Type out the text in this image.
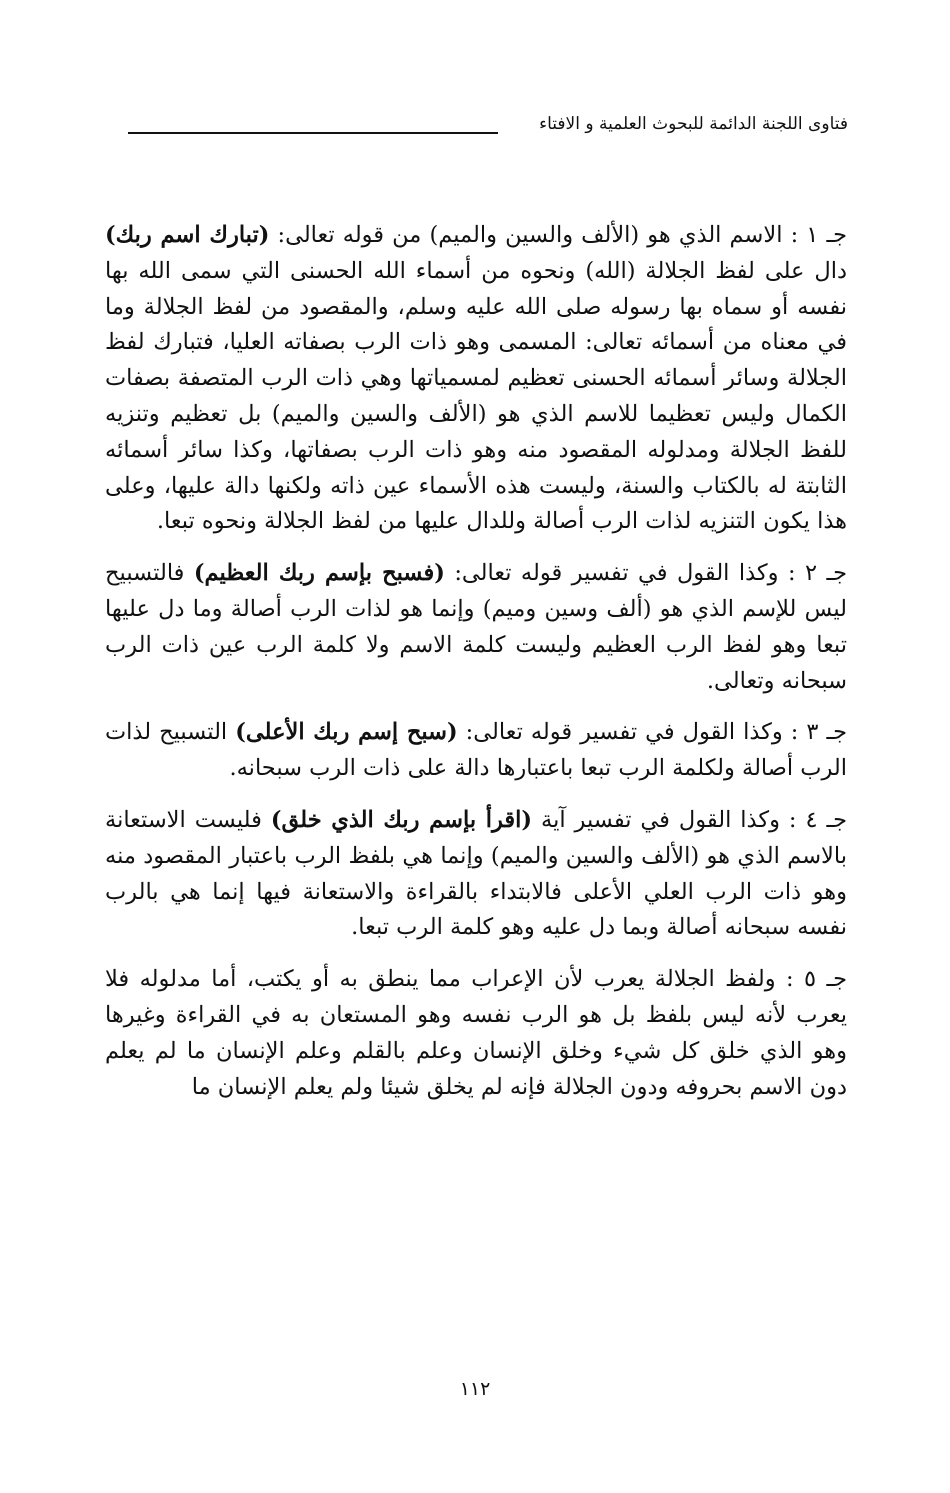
فتاوى اللجنة الدائمة للبحوث العلمية و الافتاء

جـ ١ : الاسم الذي هو (الألف والسين والميم) من قوله تعالى: (تبارك اسم ربك) دال على لفظ الجلالة (الله) ونحوه من أسماء الله الحسنى التي سمى الله بها نفسه أو سماه بها رسوله صلى الله عليه وسلم، والمقصود من لفظ الجلالة وما في معناه من أسمائه تعالى: المسمى وهو ذات الرب بصفاته العليا، فتبارك لفظ الجلالة وسائر أسمائه الحسنى تعظيم لمسمياتها وهي ذات الرب المتصفة بصفات الكمال وليس تعظيما للاسم الذي هو (الألف والسين والميم) بل تعظيم وتنزيه للفظ الجلالة ومدلوله المقصود منه وهو ذات الرب بصفاتها، وكذا سائر أسمائه الثابتة له بالكتاب والسنة، وليست هذه الأسماء عين ذاته ولكنها دالة عليها، وعلى هذا يكون التنزيه لذات الرب أصالة وللدال عليها من لفظ الجلالة ونحوه تبعا.

جـ ٢ : وكذا القول في تفسير قوله تعالى: (فسبح بإسم ربك العظيم) فالتسبيح ليس للإسم الذي هو (ألف وسين وميم) وإنما هو لذات الرب أصالة وما دل عليها تبعا وهو لفظ الرب العظيم وليست كلمة الاسم ولا كلمة الرب عين ذات الرب سبحانه وتعالى.

جـ ٣ : وكذا القول في تفسير قوله تعالى: (سبح إسم ربك الأعلى) التسبيح لذات الرب أصالة ولكلمة الرب تبعا باعتبارها دالة على ذات الرب سبحانه.

جـ ٤ : وكذا القول في تفسير آية (اقرأ بإسم ربك الذي خلق) فليست الاستعانة بالاسم الذي هو (الألف والسين والميم) وإنما هي بلفظ الرب باعتبار المقصود منه وهو ذات الرب العلي الأعلى فالابتداء بالقراءة والاستعانة فيها إنما هي بالرب نفسه سبحانه أصالة وبما دل عليه وهو كلمة الرب تبعا.

جـ ٥ : ولفظ الجلالة يعرب لأن الإعراب مما ينطق به أو يكتب، أما مدلوله فلا يعرب لأنه ليس بلفظ بل هو الرب نفسه وهو المستعان به في القراءة وغيرها وهو الذي خلق كل شيء وخلق الإنسان وعلم بالقلم وعلم الإنسان ما لم يعلم دون الاسم بحروفه ودون الجلالة فإنه لم يخلق شيئا ولم يعلم الإنسان ما

١١٢
